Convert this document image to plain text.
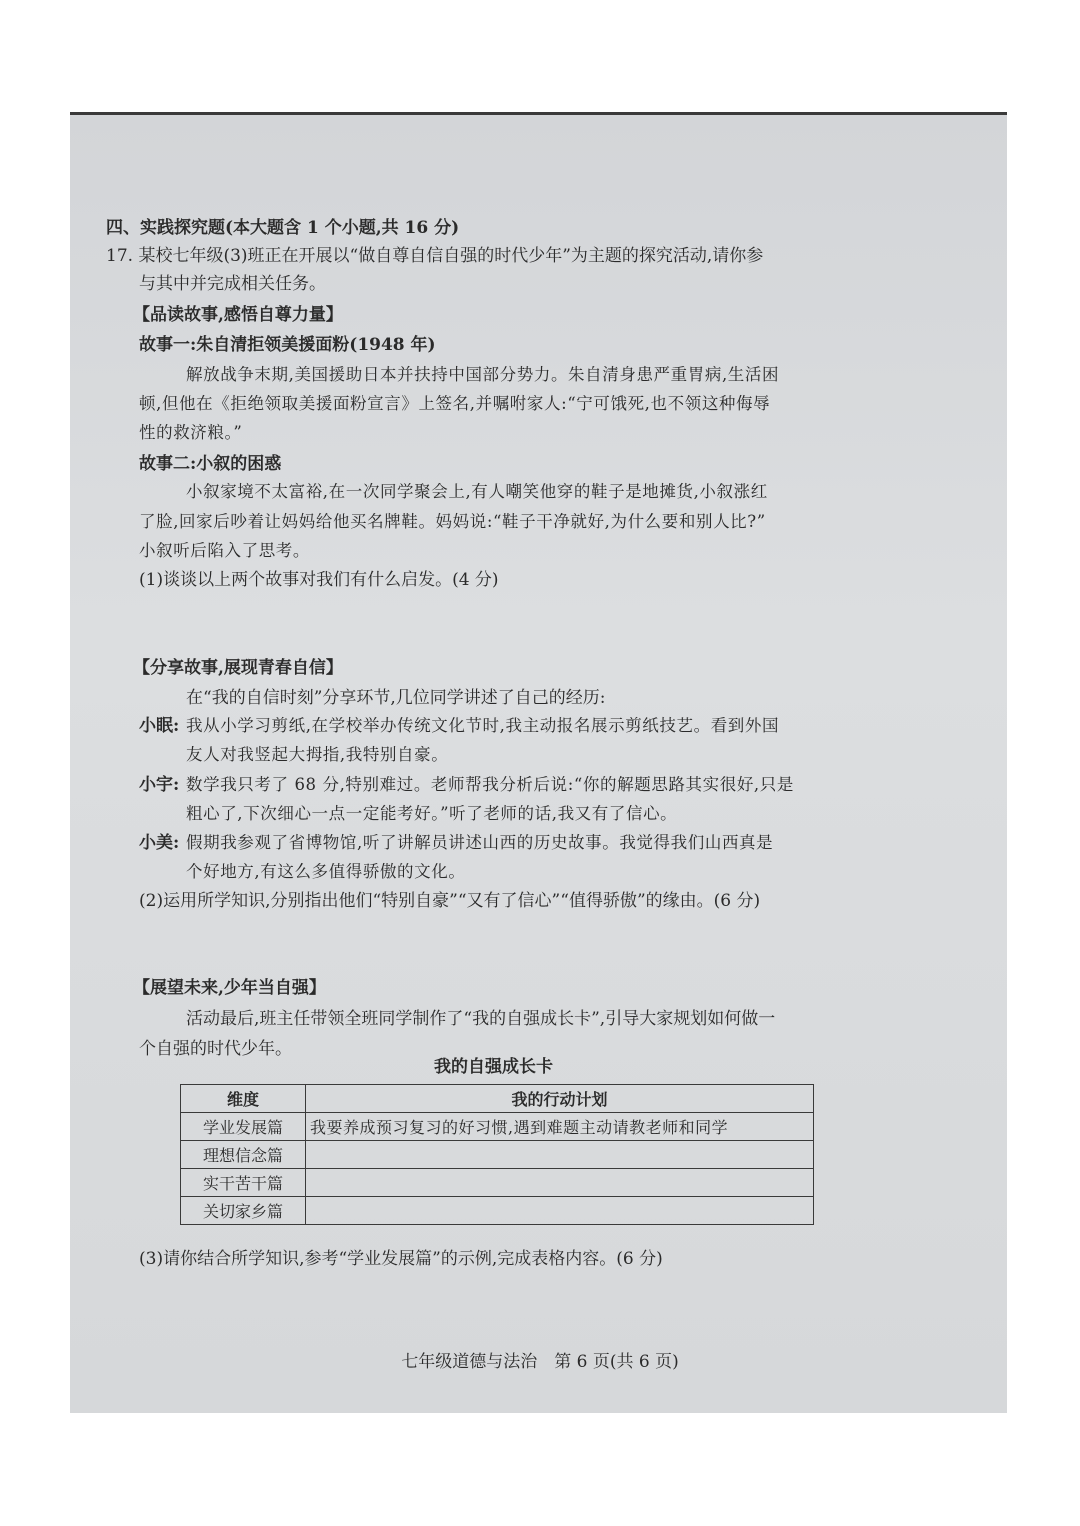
四、实践探究题(本大题含 1 个小题,共 16 分)
17. 某校七年级(3)班正在开展以“做自尊自信自强的时代少年”为主题的探究活动,请你参
与其中并完成相关任务。
【品读故事,感悟自尊力量】
故事一:朱自清拒领美援面粉(1948 年)
解放战争末期,美国援助日本并扶持中国部分势力。朱自清身患严重胃病,生活困
顿,但他在《拒绝领取美援面粉宣言》上签名,并嘱咐家人:“宁可饿死,也不领这种侮辱
性的救济粮。”
故事二:小叙的困惑
小叙家境不太富裕,在一次同学聚会上,有人嘲笑他穿的鞋子是地摊货,小叙涨红
了脸,回家后吵着让妈妈给他买名牌鞋。妈妈说:“鞋子干净就好,为什么要和别人比?”
小叙听后陷入了思考。
(1)谈谈以上两个故事对我们有什么启发。(4 分)
【分享故事,展现青春自信】
在“我的自信时刻”分享环节,几位同学讲述了自己的经历:
小眠: 我从小学习剪纸,在学校举办传统文化节时,我主动报名展示剪纸技艺。看到外国
友人对我竖起大拇指,我特别自豪。
小宇: 数学我只考了 68 分,特别难过。老师帮我分析后说:“你的解题思路其实很好,只是
粗心了,下次细心一点一定能考好。”听了老师的话,我又有了信心。
小美: 假期我参观了省博物馆,听了讲解员讲述山西的历史故事。我觉得我们山西真是
个好地方,有这么多值得骄傲的文化。
(2)运用所学知识,分别指出他们“特别自豪”“又有了信心”“值得骄傲”的缘由。(6 分)
【展望未来,少年当自强】
活动最后,班主任带领全班同学制作了“我的自强成长卡”,引导大家规划如何做一
个自强的时代少年。
我的自强成长卡
维度	我的行动计划
学业发展篇	我要养成预习复习的好习惯,遇到难题主动请教老师和同学
理想信念篇	
实干苦干篇	
关切家乡篇	
(3)请你结合所学知识,参考“学业发展篇”的示例,完成表格内容。(6 分)
七年级道德与法治　第 6 页(共 6 页)
